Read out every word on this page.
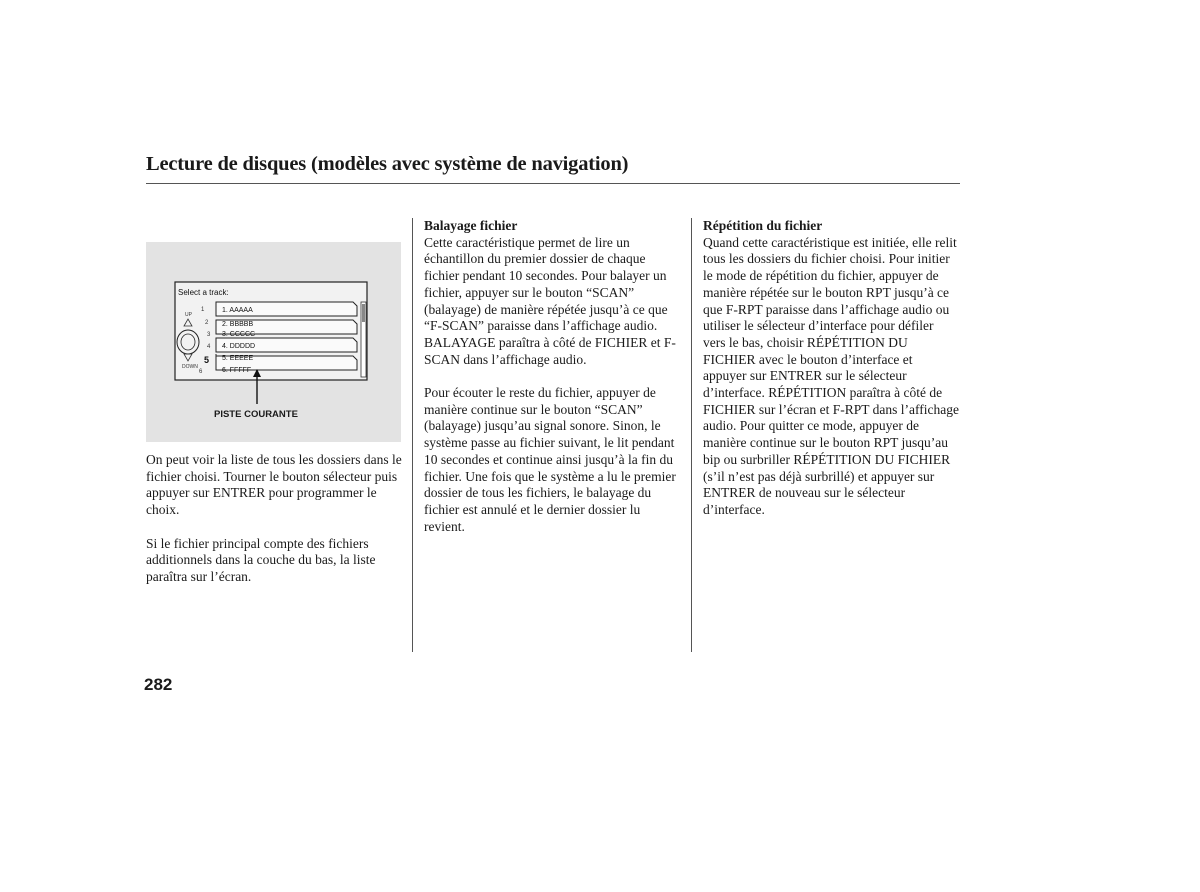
Lecture de disques (modèles avec système de navigation)
Select a track:
1. AAAAA
2. BBBBB
3. CCCCC
4. DDDDD
5. EEEEE
6. FFFFF
1
2
3
4
5
6
UP
DOWN
PISTE COURANTE

On peut voir la liste de tous les dossiers dans le fichier choisi. Tourner le bouton sélecteur puis appuyer sur ENTRER pour programmer le choix.

Si le fichier principal compte des fichiers additionnels dans la couche du bas, la liste paraîtra sur l’écran.

Balayage fichier

Cette caractéristique permet de lire un échantillon du premier dossier de chaque fichier pendant 10 secondes. Pour balayer un fichier, appuyer sur le bouton “SCAN” (balayage) de manière répétée jusqu’à ce que “F-SCAN” paraisse dans l’affichage audio. BALAYAGE paraîtra à côté de FICHIER et F-SCAN dans l’affichage audio.

Pour écouter le reste du fichier, appuyer de manière continue sur le bouton “SCAN” (balayage) jusqu’au signal sonore. Sinon, le système passe au fichier suivant, le lit pendant 10 secondes et continue ainsi jusqu’à la fin du fichier. Une fois que le système a lu le premier dossier de tous les fichiers, le balayage du fichier est annulé et le dernier dossier lu revient.

Répétition du fichier

Quand cette caractéristique est initiée, elle relit tous les dossiers du fichier choisi. Pour initier le mode de répétition du fichier, appuyer de manière répétée sur le bouton RPT jusqu’à ce que F-RPT paraisse dans l’affichage audio ou utiliser le sélecteur d’interface pour défiler vers le bas, choisir RÉPÉTITION DU FICHIER avec le bouton d’interface et appuyer sur ENTRER sur le sélecteur d’interface. RÉPÉTITION paraîtra à côté de FICHIER sur l’écran et F-RPT dans l’affichage audio. Pour quitter ce mode, appuyer de manière continue sur le bouton RPT jusqu’au bip ou surbriller RÉPÉTITION DU FICHIER (s’il n’est pas déjà surbrillé) et appuyer sur ENTRER de nouveau sur le sélecteur d’interface.

282
